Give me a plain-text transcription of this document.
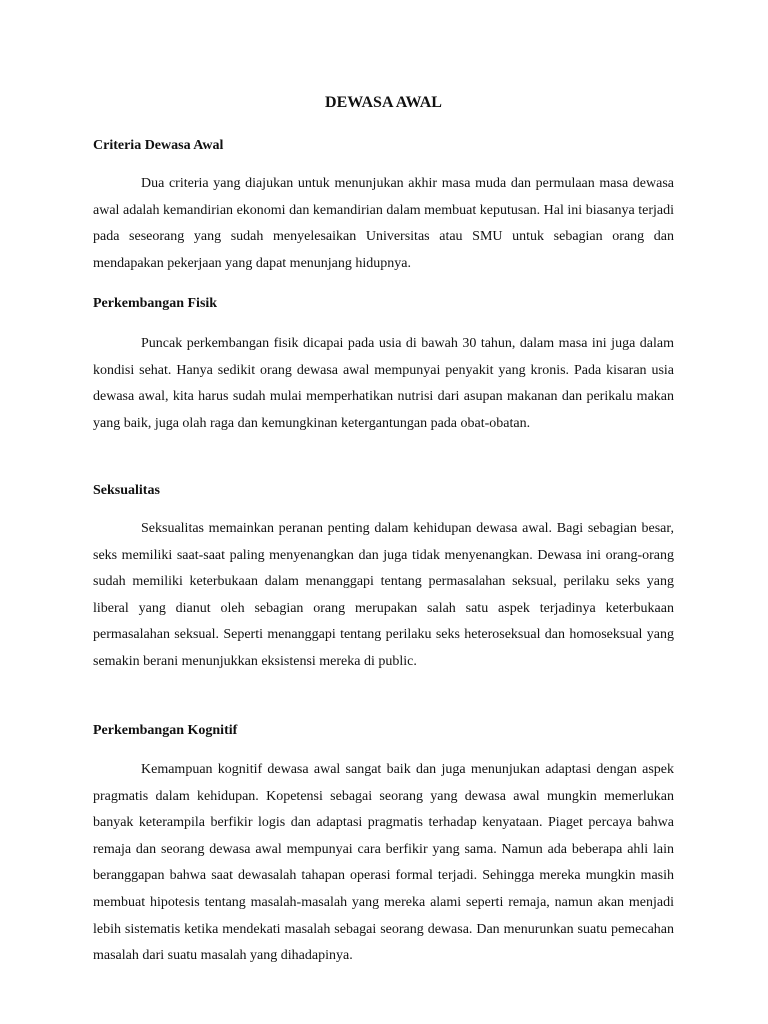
DEWASA AWAL
Criteria Dewasa Awal

Dua criteria yang diajukan untuk menunjukan akhir masa muda dan permulaan masa dewasa awal adalah kemandirian ekonomi dan kemandirian dalam membuat keputusan. Hal ini biasanya terjadi pada seseorang yang sudah menyelesaikan Universitas atau SMU untuk sebagian orang dan mendapakan pekerjaan yang dapat menunjang hidupnya.

Perkembangan Fisik

Puncak perkembangan fisik dicapai pada usia di bawah 30 tahun, dalam masa ini juga dalam kondisi sehat. Hanya sedikit orang dewasa awal mempunyai penyakit yang kronis. Pada kisaran usia dewasa awal, kita harus sudah mulai memperhatikan nutrisi dari asupan makanan dan perikalu makan yang baik, juga olah raga dan kemungkinan ketergantungan pada obat-obatan.

Seksualitas

Seksualitas memainkan peranan penting dalam kehidupan dewasa awal. Bagi sebagian besar, seks memiliki saat-saat paling menyenangkan dan juga tidak menyenangkan. Dewasa ini orang-orang sudah memiliki keterbukaan dalam menanggapi tentang permasalahan seksual, perilaku seks yang liberal yang dianut oleh sebagian orang merupakan salah satu aspek terjadinya keterbukaan permasalahan seksual. Seperti menanggapi tentang perilaku seks heteroseksual dan homoseksual yang semakin berani menunjukkan eksistensi mereka di public.

Perkembangan Kognitif

Kemampuan kognitif dewasa awal sangat baik dan juga menunjukan adaptasi dengan aspek pragmatis dalam kehidupan. Kopetensi sebagai seorang yang dewasa awal mungkin memerlukan banyak keterampila berfikir logis dan adaptasi pragmatis terhadap kenyataan. Piaget percaya bahwa remaja dan seorang dewasa awal mempunyai cara berfikir yang sama. Namun ada beberapa ahli lain beranggapan bahwa saat dewasalah tahapan operasi formal terjadi. Sehingga mereka mungkin masih membuat hipotesis tentang masalah-masalah yang mereka alami seperti remaja, namun akan menjadi lebih sistematis ketika mendekati masalah sebagai seorang dewasa. Dan menurunkan suatu pemecahan masalah dari suatu masalah yang dihadapinya.
